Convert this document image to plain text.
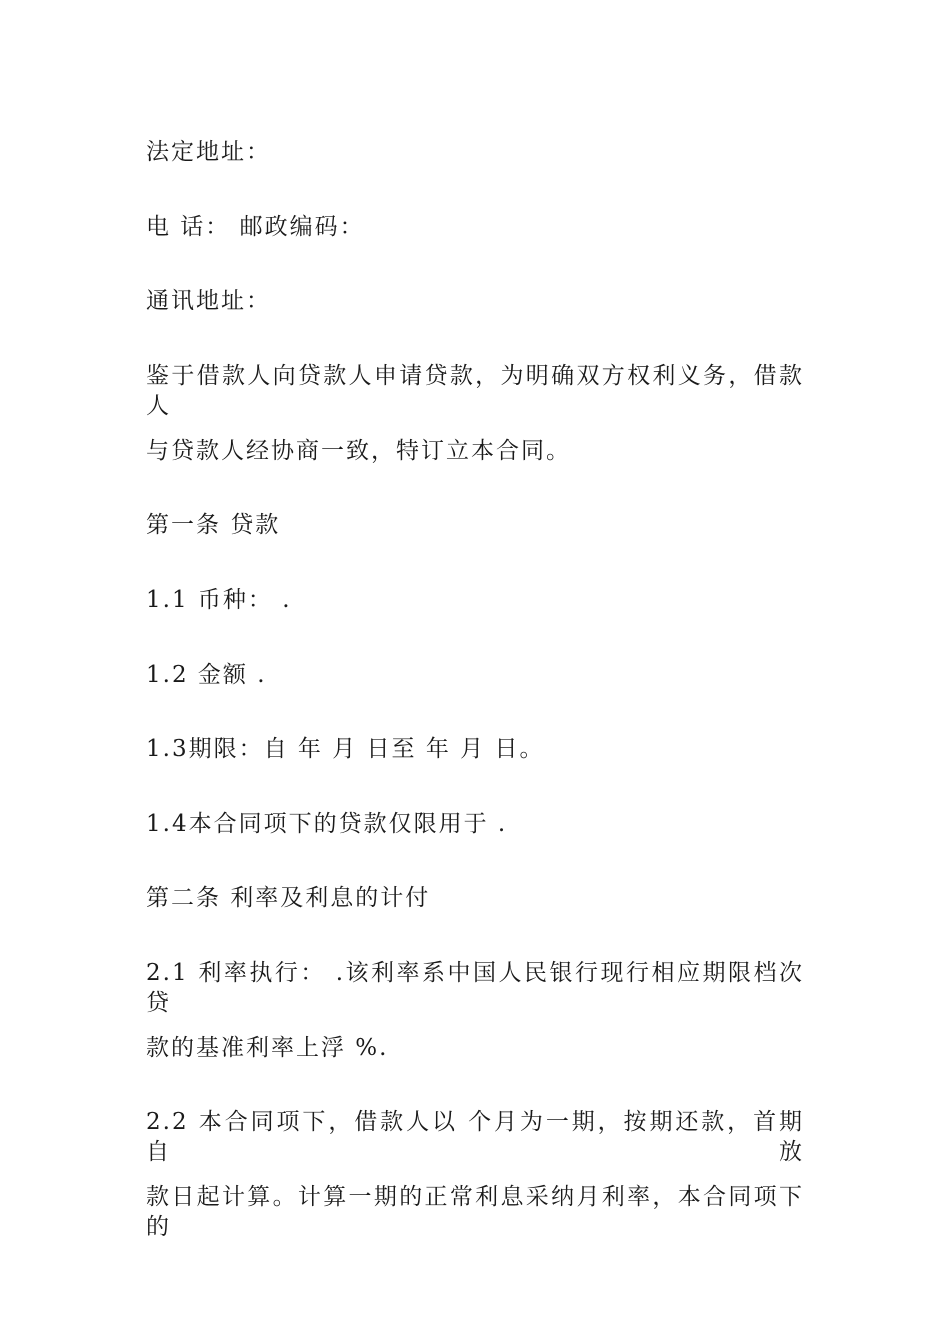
法定地址：
电 话： 邮政编码：
通讯地址：
鉴于借款人向贷款人申请贷款，为明确双方权利义务，借款人
与贷款人经协商一致，特订立本合同。
第一条 贷款
1.1 币种： .
1.2 金额 .
1.3期限：自 年 月 日至 年 月 日。
1.4本合同项下的贷款仅限用于 .
第二条 利率及利息的计付
2.1 利率执行： .该利率系中国人民银行现行相应期限档次贷
款的基准利率上浮 %.
2.2 本合同项下，借款人以 个月为一期，按期还款，首期自放
款日起计算。计算一期的正常利息采纳月利率，本合同项下的
